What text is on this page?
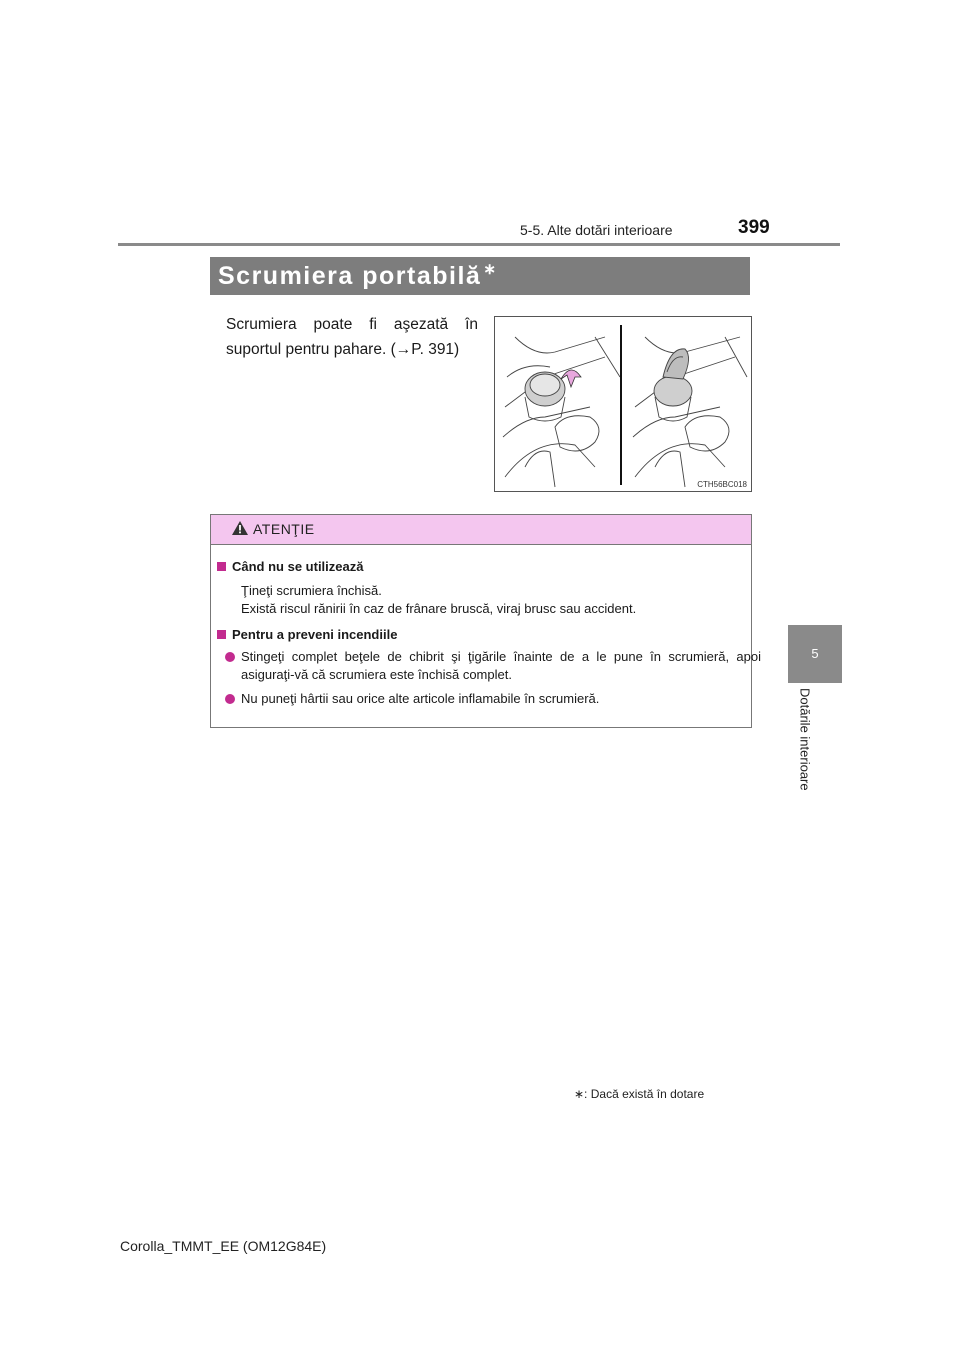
5-5. Alte dotări interioare	399
5
Dotările interioare
Scrumiera portabilă ∗
Scrumiera poate fi aşezată în suportul pentru pahare. (→P. 391)
CTH56BC018
ATENŢIE
Când nu se utilizează
Ţineţi scrumiera închisă.
Există riscul rănirii în caz de frânare bruscă, viraj brusc sau accident.
Pentru a preveni incendiile
Stingeţi complet beţele de chibrit şi ţigările înainte de a le pune în scrumieră, apoi asiguraţi-vă că scrumiera este închisă complet.
Nu puneţi hârtii sau orice alte articole inflamabile în scrumieră.
∗: Dacă există în dotare
Corolla_TMMT_EE (OM12G84E)
